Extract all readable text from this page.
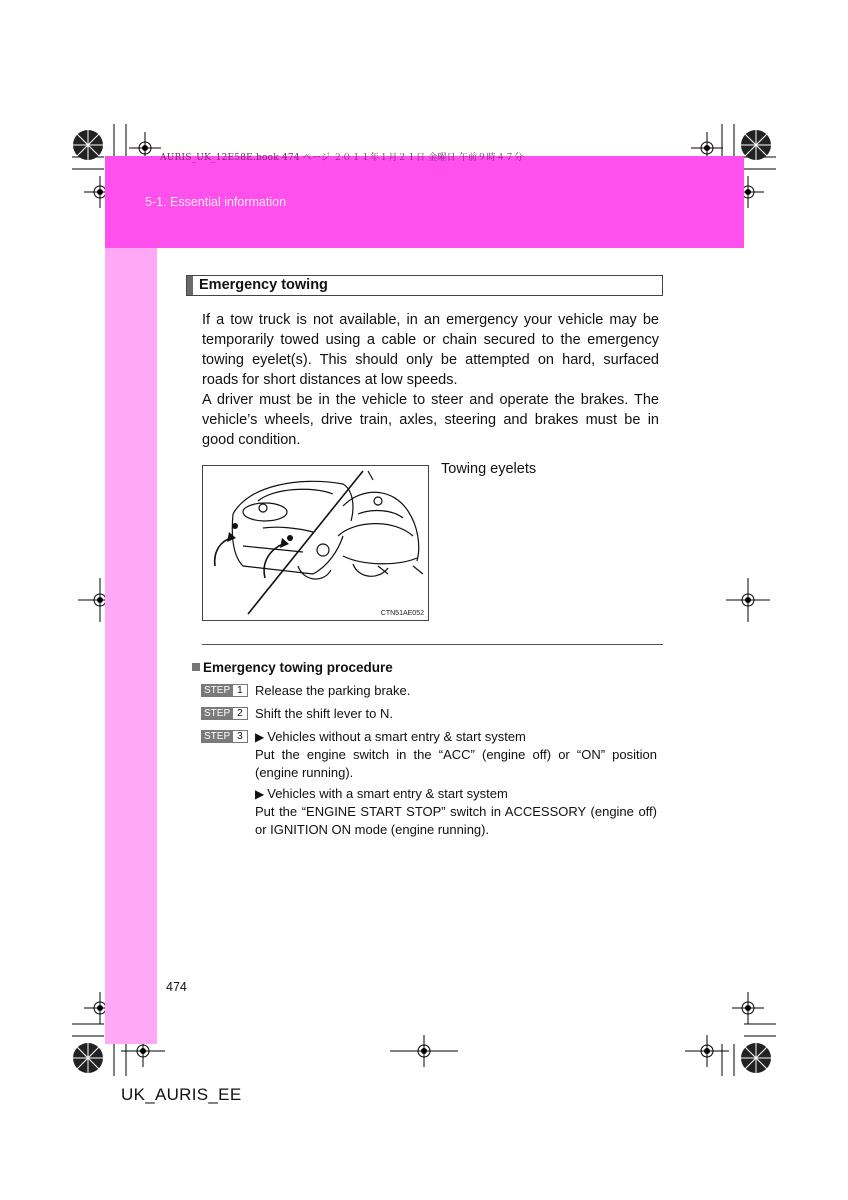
AURIS_UK_12E58E.book 474 ページ ２０１１年１月２１日 金曜日 午前９時４７分
5-1. Essential information
Emergency towing

If a tow truck is not available, in an emergency your vehicle may be temporarily towed using a cable or chain secured to the emergency towing eyelet(s). This should only be attempted on hard, surfaced roads for short distances at low speeds.

A driver must be in the vehicle to steer and operate the brakes. The vehicle’s wheels, drive train, axles, steering and brakes must be in good condition.

CTN51AE052
Towing eyelets
Emergency towing procedure
STEP 1 Release the parking brake.
STEP 2 Shift the shift lever to N.
STEP 3	▶ Vehicles without a smart entry & start system
Put the engine switch in the “ACC” (engine off) or “ON” position (engine running).
▶ Vehicles with a smart entry & start system
Put the “ENGINE START STOP” switch in ACCESSORY (engine off) or IGNITION ON mode (engine running).
474
UK_AURIS_EE
